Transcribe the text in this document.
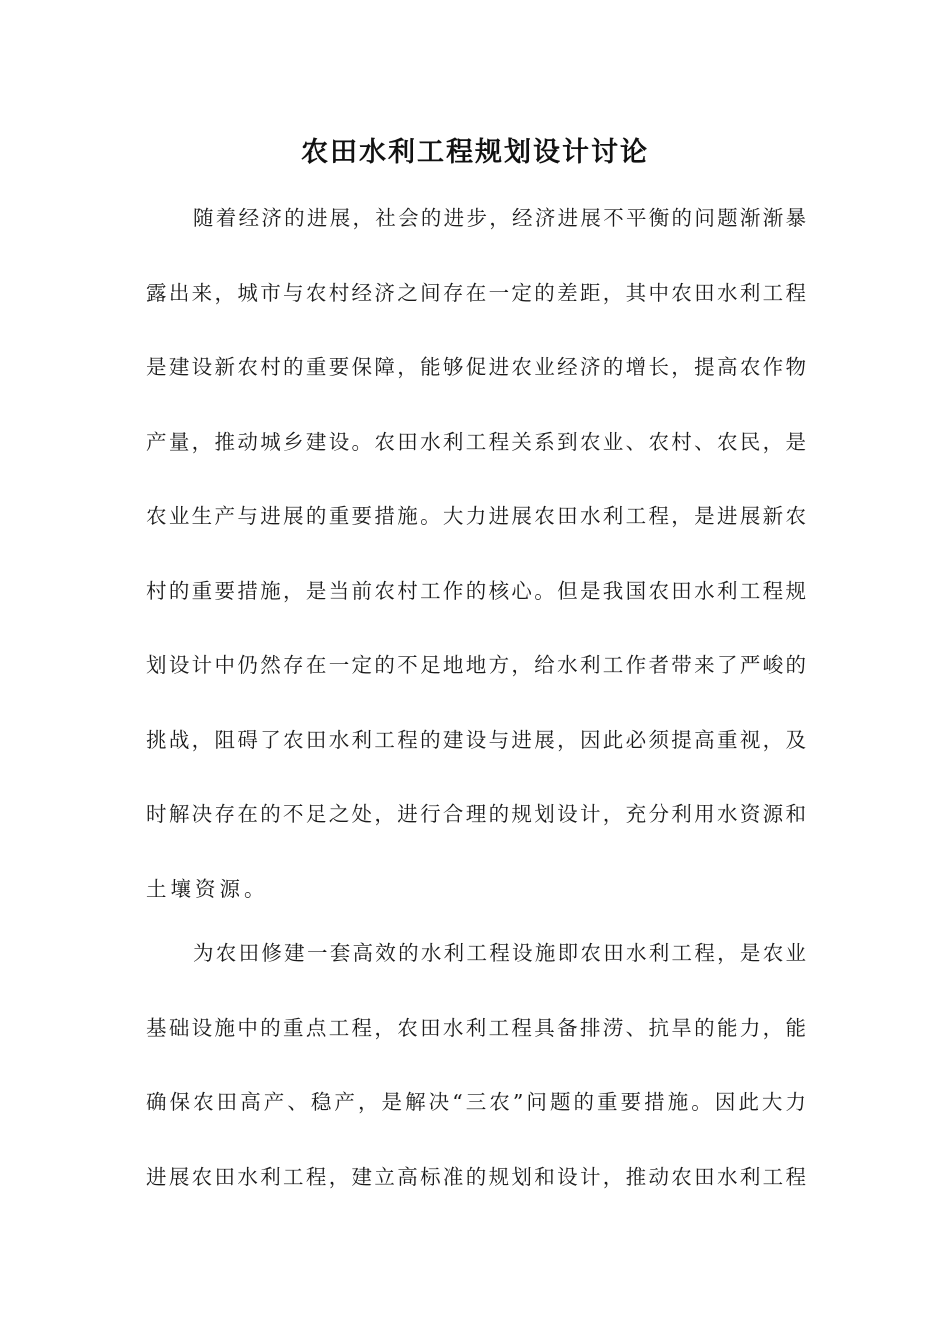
农田水利工程规划设计讨论
随着经济的进展，社会的进步，经济进展不平衡的问题渐渐暴
露出来，城市与农村经济之间存在一定的差距，其中农田水利工程
是建设新农村的重要保障，能够促进农业经济的增长，提高农作物
产量，推动城乡建设。农田水利工程关系到农业、农村、农民，是
农业生产与进展的重要措施。大力进展农田水利工程，是进展新农
村的重要措施，是当前农村工作的核心。但是我国农田水利工程规
划设计中仍然存在一定的不足地地方，给水利工作者带来了严峻的
挑战，阻碍了农田水利工程的建设与进展，因此必须提高重视，及
时解决存在的不足之处，进行合理的规划设计，充分利用水资源和
土壤资源。
为农田修建一套高效的水利工程设施即农田水利工程，是农业
基础设施中的重点工程，农田水利工程具备排涝、抗旱的能力，能
确保农田高产、稳产，是解决“三农”问题的重要措施。因此大力
进展农田水利工程，建立高标准的规划和设计，推动农田水利工程
